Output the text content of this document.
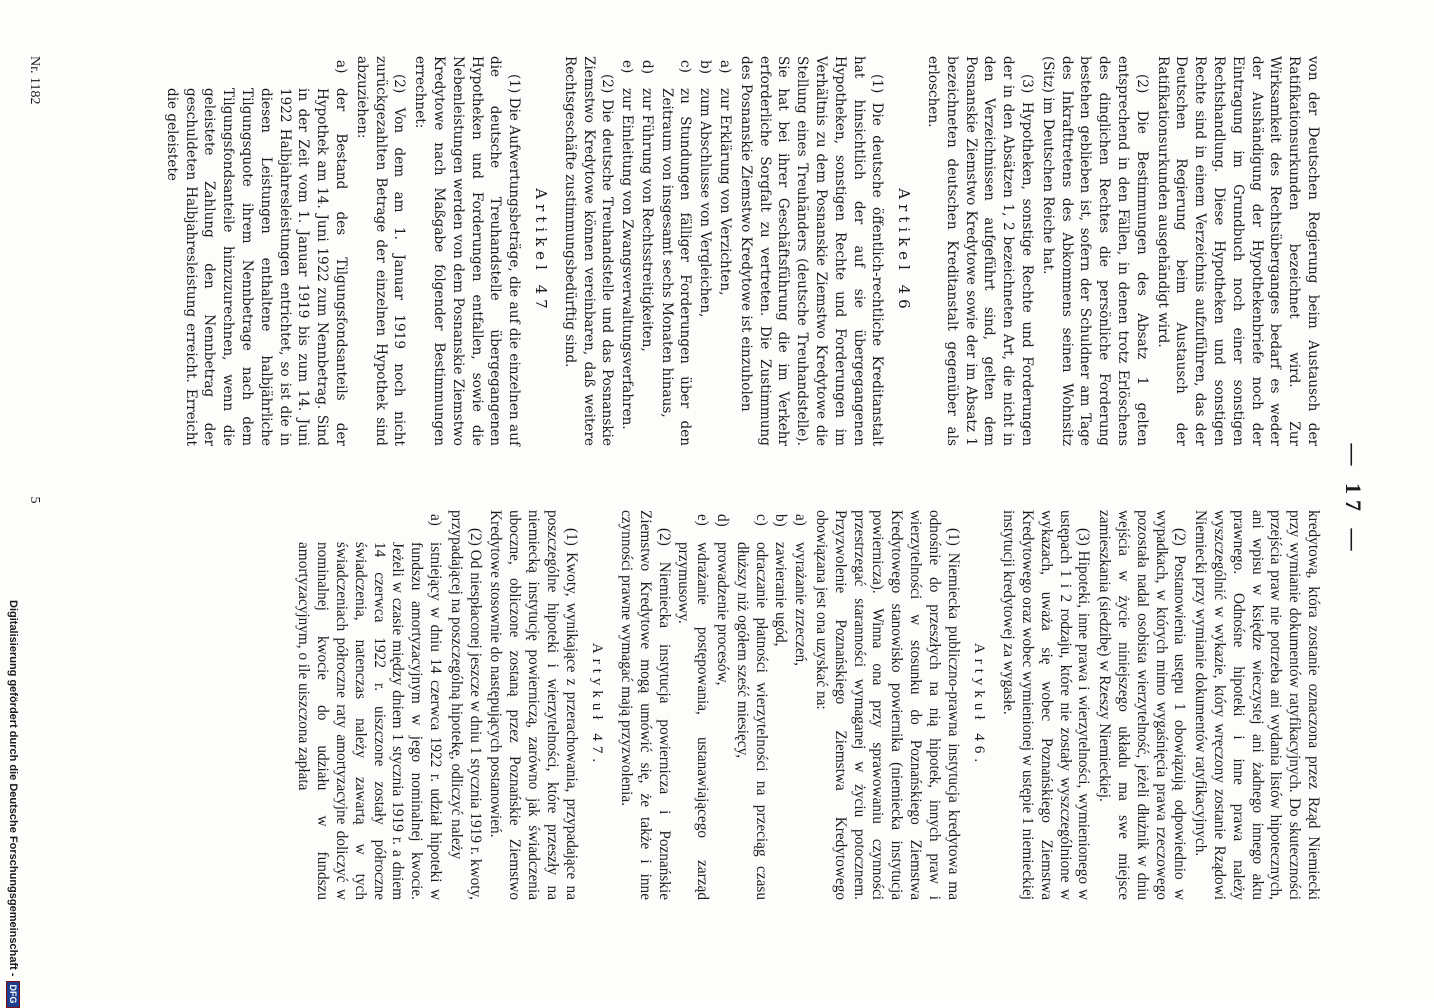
— 17 —

von der Deutschen Regierung beim Austausch der Ratifikationsurkunden bezeichnet wird. Zur Wirksamkeit des Rechtsüberganges bedarf es weder der Aushändigung der Hypothekenbriefe noch der Eintragung im Grundbuch noch einer sonstigen Rechtshandlung. Diese Hypotheken und sonstigen Rechte sind in einem Verzeichnis aufzuführen, das der Deutschen Regierung beim Austausch der Ratifikationsurkunden ausgehändigt wird.

(2) Die Bestimmungen des Absatz 1 gelten entsprechend in den Fällen, in denen trotz Erlöschens des dinglichen Rechtes die persönliche Forderung bestehen geblieben ist, sofern der Schuldner am Tage des Inkrafttretens des Abkommens seinen Wohnsitz (Sitz) im Deutschen Reiche hat.

(3) Hypotheken, sonstige Rechte und Forderungen der in den Absätzen 1, 2 bezeichneten Art, die nicht in den Verzeichnissen aufgeführt sind, gelten dem Posnanskie Ziemstwo Kredytowe sowie der im Absatz 1 bezeichneten deutschen Kreditanstalt gegenüber als erloschen.

Artikel 46

(1) Die deutsche öffentlich-rechtliche Kreditanstalt hat hinsichtlich der auf sie übergegangenen Hypotheken, sonstigen Rechte und Forderungen im Verhältnis zu dem Posnanskie Ziemstwo Kredytowe die Stellung eines Treuhänders (deutsche Treuhandstelle). Sie hat bei ihrer Geschäftsführung die im Verkehr erforderliche Sorgfalt zu vertreten. Die Zustimmung des Posnanskie Ziemstwo Kredytowe ist einzuholen

a)
zur Erklärung von Verzichten,
b)
zum Abschlusse von Vergleichen,
c)
zu Stundungen fälliger Forderungen über den Zeitraum von insgesamt sechs Monaten hinaus,
d)
zur Führung von Rechtsstreitigkeiten,
e)
zur Einleitung von Zwangsverwaltungsverfahren.

(2) Die deutsche Treuhandstelle und das Posnanskie Ziemstwo Kredytowe können vereinbaren, daß weitere Rechtsgeschäfte zustimmungsbedürftig sind.

Artikel 47

(1) Die Aufwertungsbeträge, die auf die einzelnen auf die deutsche Treuhandstelle übergegangenen Hypotheken und Forderungen entfallen, sowie die Nebenleistungen werden von dem Posnanskie Ziemstwo Kredytowe nach Maßgabe folgender Bestimmungen errechnet:

(2) Von dem am 1. Januar 1919 noch nicht zurückgezahlten Betrage der einzelnen Hypothek sind abzuziehen:

a)
der Bestand des Tilgungsfondsanteils der Hypothek am 14. Juni 1922 zum Nennbetrag. Sind in der Zeit vom 1. Januar 1919 bis zum 14. Juni 1922 Halbjahresleistungen entrichtet, so ist die in diesen Leistungen enthaltene halbjährliche Tilgungsquote ihrem Nennbetrage nach dem Tilgungsfondsanteile hinzuzurechnen, wenn die geleistete Zahlung den Nennbetrag der geschuldeten Halbjahresleistung erreicht. Erreicht die geleistete

kredytową, która zostanie oznaczona przez Rząd Niemiecki przy wymianie dokumentów ratyfikacyjnych. Do skuteczności przejścia praw nie potrzeba ani wydania listów hipotecznych, ani wpisu w księdze wieczystej ani żadnego innego aktu prawnego. Odnośne hipoteki i inne prawa należy wyszczególnić w wykazie, który wręczony zostanie Rządowi Niemiecki przy wymianie dokumentów ratyfikacyjnych.

(2) Postanowienia ustępu 1 obowiązują odpowiednio w wypadkach, w których mimo wygaśnięcia prawa rzeczowego pozostała nadal osobista wierzytelność, jeżeli dłużnik w dniu wejścia w życie niniejszego układu ma swe miejsce zamieszkania (siedzibę) w Rzeszy Niemieckiej.

(3) Hipoteki, inne prawa i wierzytelności, wymienionego w ustępach 1 i 2 rodzaju, które nie zostały wyszczególnione w wykazach, uważa się wobec Poznańskiego Ziemstwa Kredytowego oraz wobec wymienionej w ustępie 1 niemieckiej instytucji kredytowej za wygasłe.

Artykuł 46.

(1) Niemiecka publiczno-prawna instytucja kredytowa ma odnośnie do przeszłych na nią hipotek, innych praw i wierzytelności w stosunku do Poznańskiego Ziemstwa Kredytowego stanowisko powiernika (niemiecka instytucja powiernicza). Winna ona przy sprawowaniu czynności przestrzegać staranności wymaganej w życiu potocznem. Przyzwolenie Poznańskiego Ziemstwa Kredytowego obowiązana jest ona uzyskać na:

a)
wyrażanie zrzeczeń,
b)
zawieranie ugód,
c)
odraczanie płatności wierzytelności na przeciąg czasu dłuższy niż ogółem sześć miesięcy,
d)
prowadzenie procesów,
e)
wdrażanie postępowania, ustanawiającego zarząd przymusowy.

(2) Niemiecka instytucja powiernicza i Poznańskie Ziemstwo Kredytowe mogą umówić się, że także i inne czynności prawne wymagać mają przyzwolenia.

Artykuł 47.

(1) Kwoty, wynikające z przerachowania, przypadające na poszczególne hipoteki i wierzytelności, które przeszły na niemiecką instytucję powierniczą, zarówno jak świadczenia uboczne, obliczone zostaną przez Poznańskie Ziemstwo Kredytowe stosownie do następujących postanowień.

(2) Od niespłaconej jeszcze w dniu 1 stycznia 1919 r. kwoty, przypadającej na poszczególną hipotekę, odliczyć należy

a)
istniejący w dniu 14 czerwca 1922 r. udział hipoteki w fundszu amortyzacyjnym w jego nominalnej kwocie. Jeżeli w czasie między dniem 1 stycznia 1919 r. a dniem 14 czerwca 1922 r. uiszczone zostały półroczne świadczenia, natenczas należy zawartą w tych świadczeniach półroczne raty amortyzacyjne doliczyć w nominalnej kwocie do udziału w fundszu amortyzacyjnym, o ile uiszczona zapłata
Nr. 1182
5
Digitalisierung gefördert durch die Deutsche Forschungsgemeinschaft -
DFG
